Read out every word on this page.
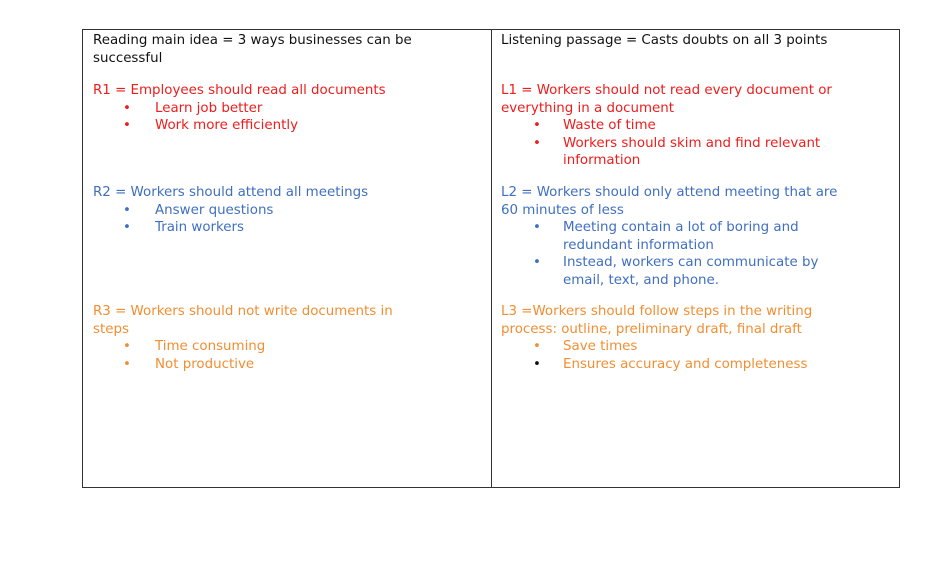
Reading main idea = 3 ways businesses can be
successful
R1 = Employees should read all documents
•
Learn job better
•
Work more efficiently
R2 = Workers should attend all meetings
•
Answer questions
•
Train workers
R3 = Workers should not write documents in
steps
•
Time consuming
•
Not productive
Listening passage = Casts doubts on all 3 points
L1 = Workers should not read every document or
everything in a document
•
Waste of time
•
Workers should skim and find relevant
information
L2 = Workers should only attend meeting that are
60 minutes of less
•
Meeting contain a lot of boring and
redundant information
•
Instead, workers can communicate by
email, text, and phone.
L3 =Workers should follow steps in the writing
process: outline, preliminary draft, final draft
•
Save times
•
Ensures accuracy and completeness
